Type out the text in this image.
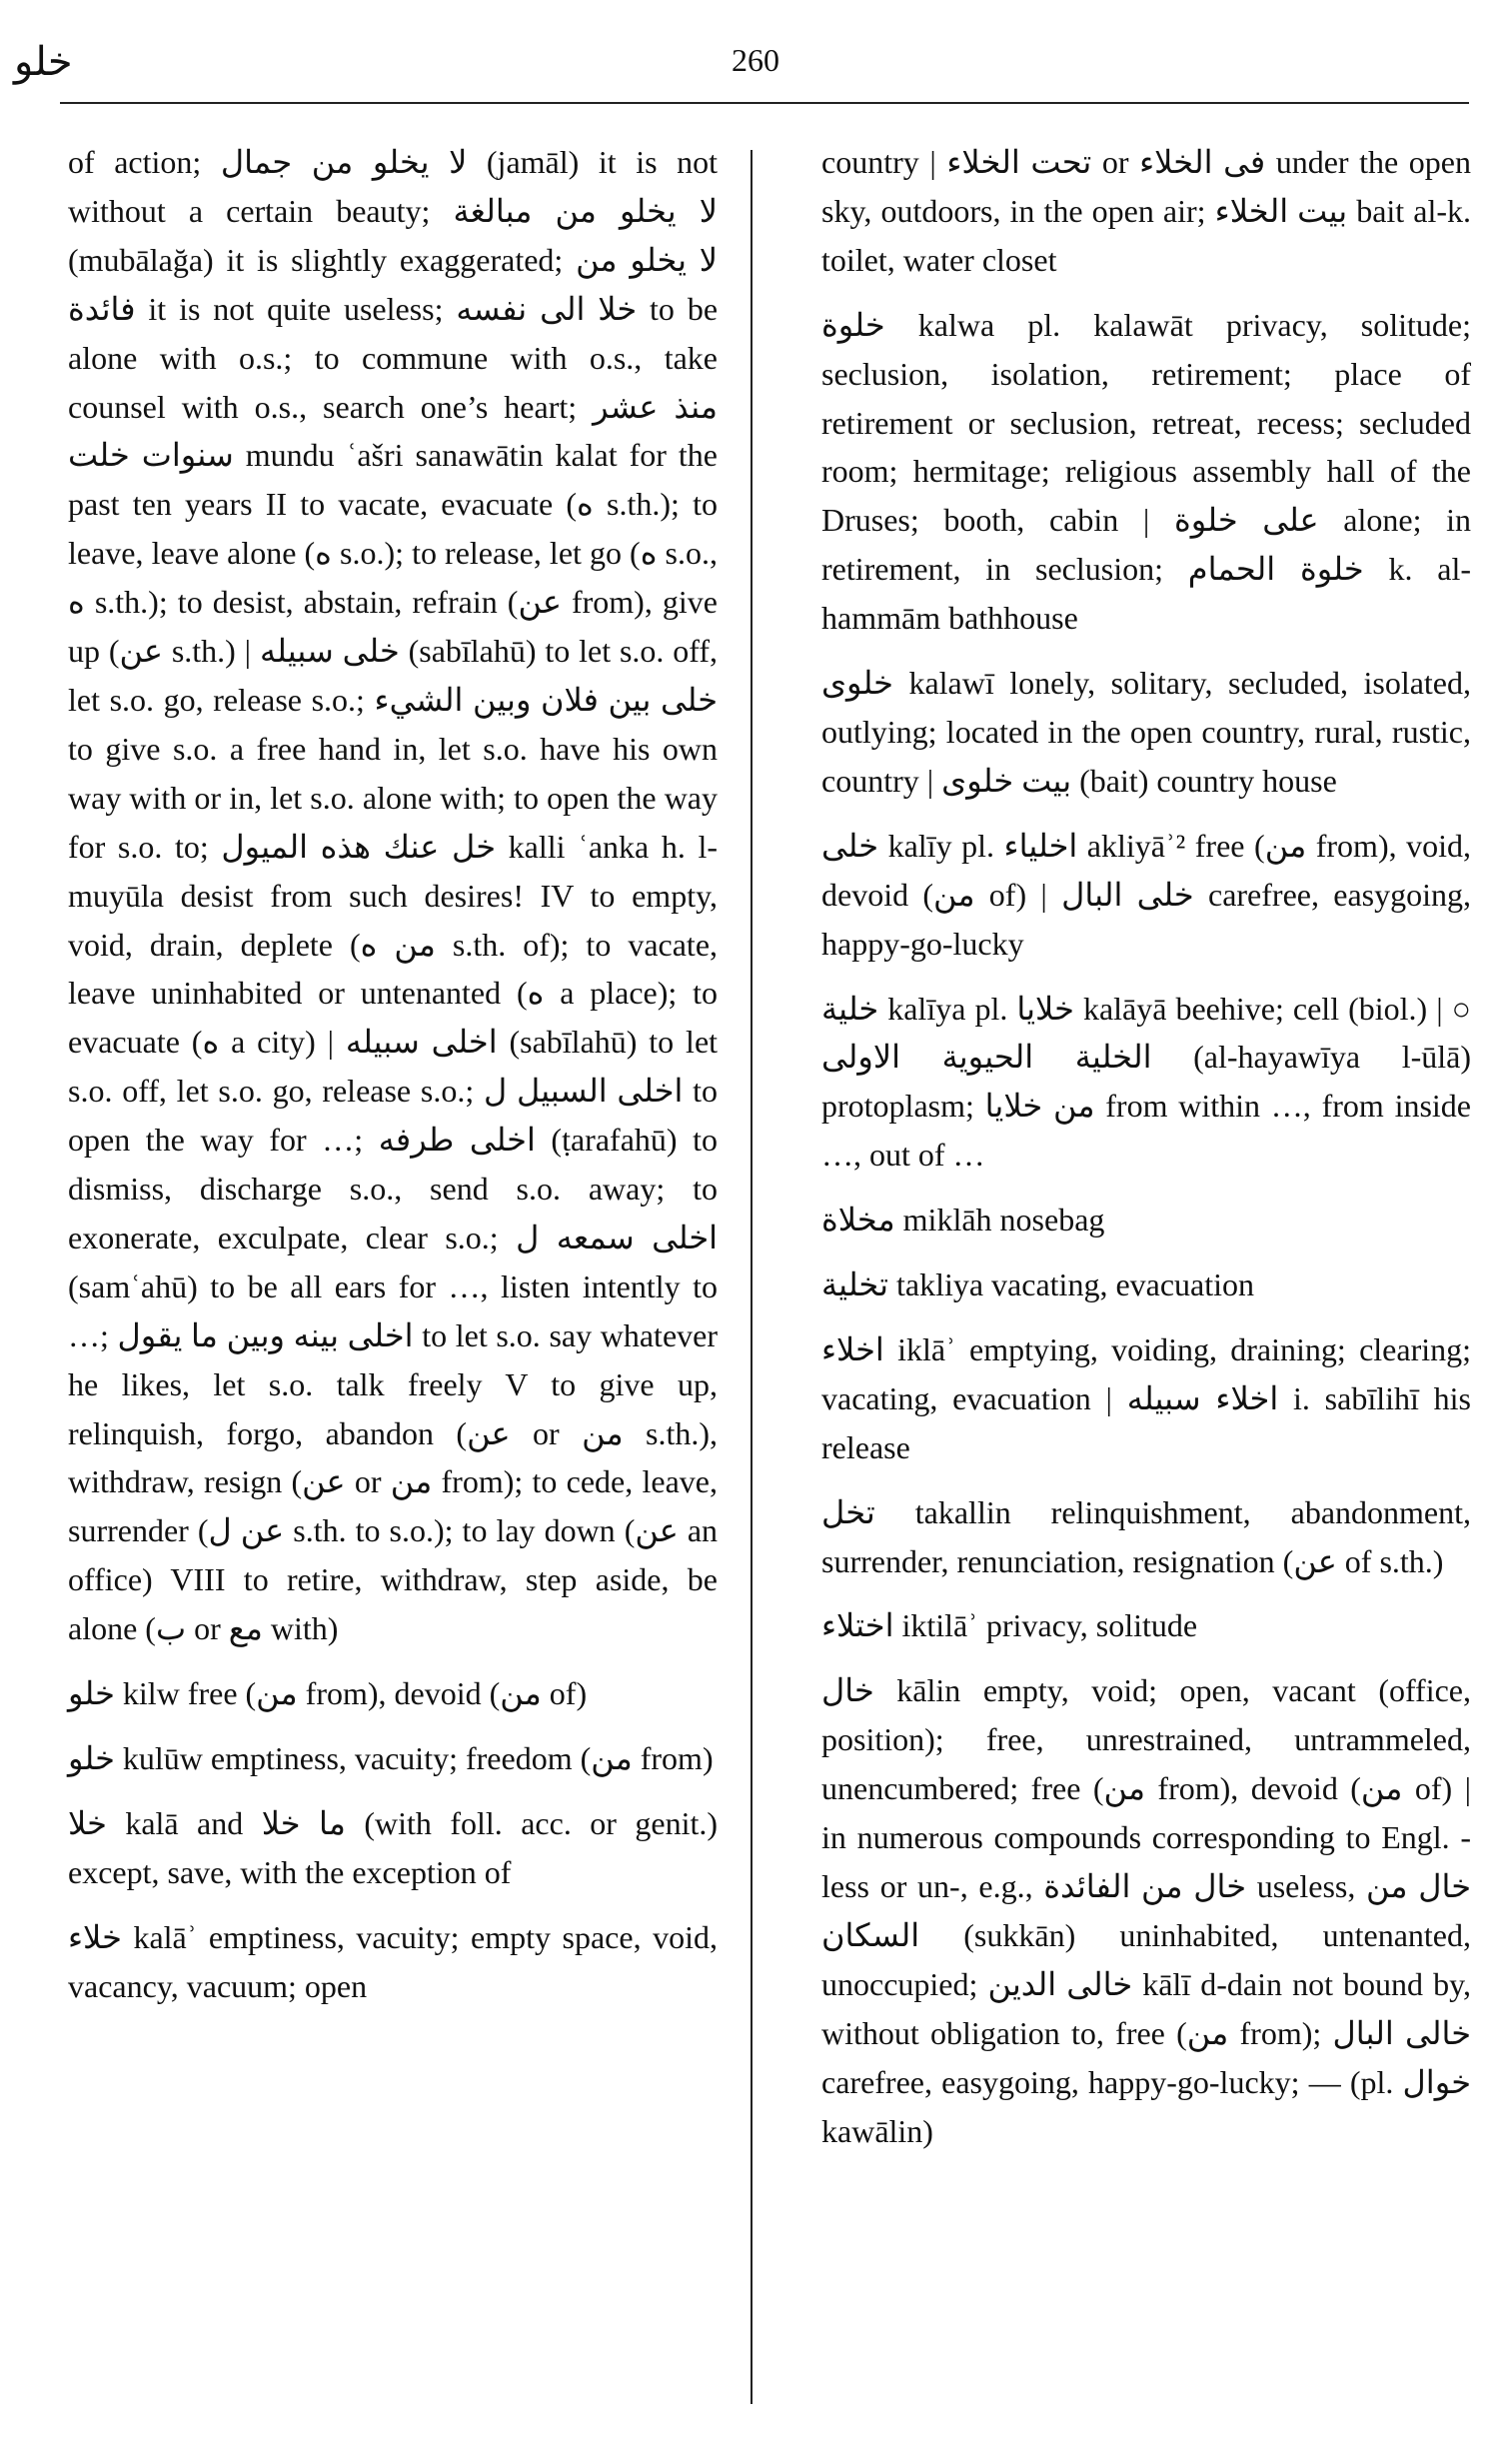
خلو	260

of action; لا يخلو من جمال (jamāl) it is not without a certain beauty; لا يخلو من مبالغة (mubālağa) it is slightly exaggerated; لا يخلو من فائدة it is not quite useless; خلا الى نفسه to be alone with o.s.; to commune with o.s., take counsel with o.s., search one’s heart; منذ عشر سنوات خلت mundu ʿašri sanawātin kalat for the past ten years II to vacate, evacuate (ه s.th.); to leave, leave alone (ه s.o.); to release, let go (ه s.o., ه s.th.); to desist, abstain, refrain (عن from), give up (عن s.th.) | خلى سبيله (sabīlahū) to let s.o. off, let s.o. go, release s.o.; خلى بين فلان وبين الشيء to give s.o. a free hand in, let s.o. have his own way with or in, let s.o. alone with; to open the way for s.o. to; خل عنك هذه الميول kalli ʿanka h. l-muyūla desist from such desires! IV to empty, void, drain, deplete (من ه s.th. of); to vacate, leave uninhabited or untenanted (ه a place); to evacuate (ه a city) | اخلى سبيله (sabīlahū) to let s.o. off, let s.o. go, release s.o.; اخلى السبيل ل to open the way for …; اخلى طرفه (ṭarafahū) to dismiss, discharge s.o., send s.o. away; to exonerate, exculpate, clear s.o.; اخلى سمعه ل (samʿahū) to be all ears for …, listen intently to …; اخلى بينه وبين ما يقول to let s.o. say whatever he likes, let s.o. talk freely V to give up, relinquish, forgo, abandon (عن or من s.th.), withdraw, resign (عن or من from); to cede, leave, surrender (عن ل s.th. to s.o.); to lay down (عن an office) VIII to retire, withdraw, step aside, be alone (ب or مع with)

خلو kilw free (من from), devoid (من of)

خلو kulūw emptiness, vacuity; freedom (من from)

خلا kalā and ما خلا (with foll. acc. or genit.) except, save, with the exception of

خلاء kalāʾ emptiness, vacuity; empty space, void, vacancy, vacuum; open

country | تحت الخلاء or فى الخلاء under the open sky, outdoors, in the open air; بيت الخلاء bait al-k. toilet, water closet

خلوة kalwa pl. kalawāt privacy, solitude; seclusion, isolation, retirement; place of retirement or seclusion, retreat, recess; secluded room; hermitage; religious assembly hall of the Druses; booth, cabin | على خلوة alone; in retirement, in seclusion; خلوة الحمام k. al-hammām bathhouse

خلوى kalawī lonely, solitary, secluded, isolated, outlying; located in the open country, rural, rustic, country | بيت خلوى (bait) country house

خلى kalīy pl. اخلياء akliyāʾ² free (من from), void, devoid (من of) | خلى البال carefree, easygoing, happy-go-lucky

خلية kalīya pl. خلايا kalāyā beehive; cell (biol.) | ○ الخلية الحيوية الاولى (al-hayawīya l-ūlā) protoplasm; من خلايا from within …, from inside …, out of …

مخلاة miklāh nosebag

تخلية takliya vacating, evacuation

اخلاء iklāʾ emptying, voiding, draining; clearing; vacating, evacuation | اخلاء سبيله i. sabīlihī his release

تخل takallin relinquishment, abandonment, surrender, renunciation, resignation (عن of s.th.)

اختلاء iktilāʾ privacy, solitude

خال kālin empty, void; open, vacant (office, position); free, unrestrained, untrammeled, unencumbered; free (من from), devoid (من of) | in numerous compounds corresponding to Engl. -less or un-, e.g., خال من الفائدة useless, خال من السكان (sukkān) uninhabited, untenanted, unoccupied; خالى الدين kālī d-dain not bound by, without obligation to, free (من from); خالى البال carefree, easygoing, happy-go-lucky; — (pl. خوال kawālin)
